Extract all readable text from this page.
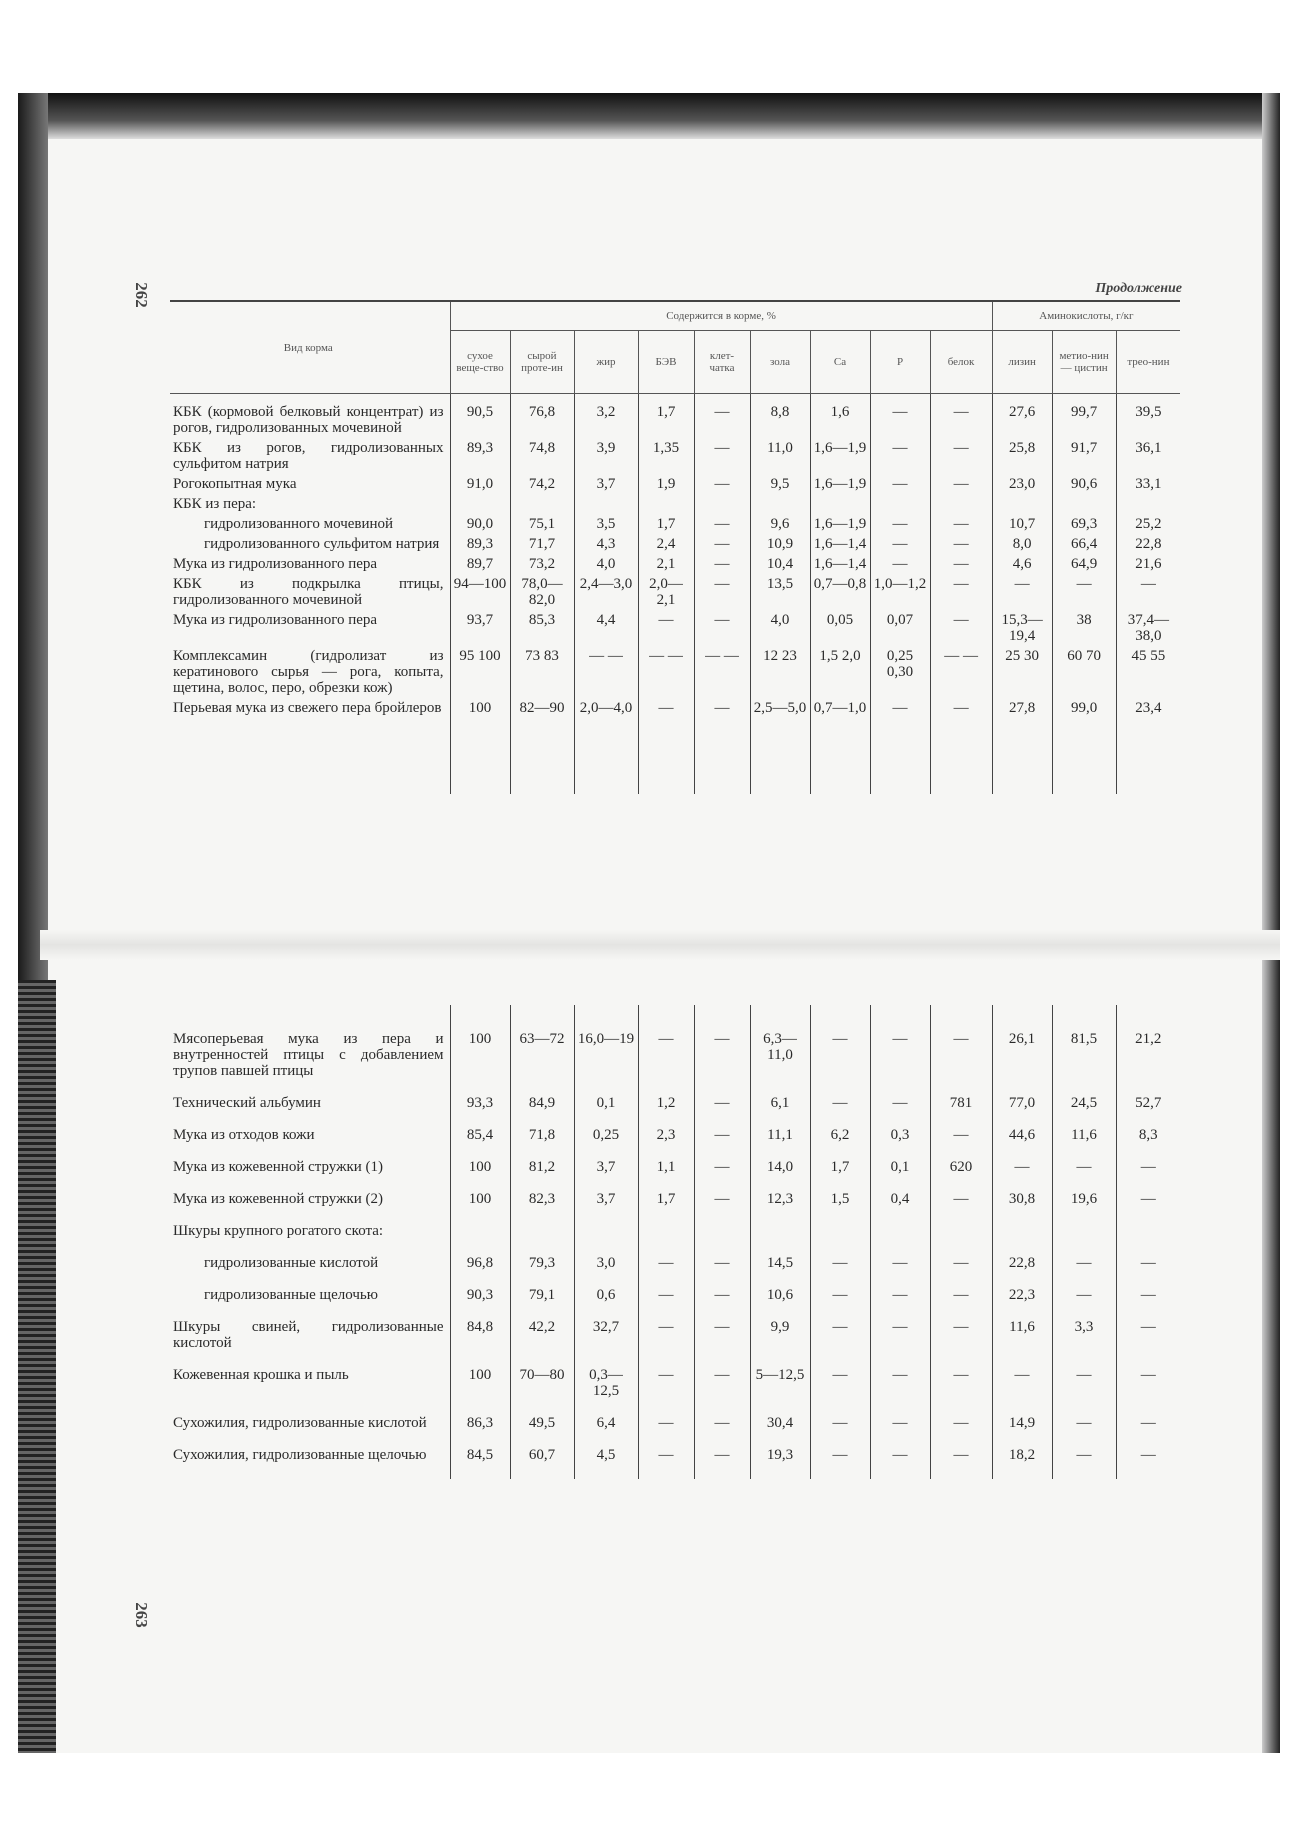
262
263
Продолжение
Вид корма	Содержится в корме, %									Аминокислоты, г/кг		
	сухое веще-ство	сырой проте-ин	жир	БЭВ	клет-чатка	зола	Ca	P	белок	лизин	метио-нин — цистин	трео-нин
КБК (кормовой белковый концентрат) из рогов, гидролизованных мочевиной	90,5	76,8	3,2	1,7	—	8,8	1,6	—	—	27,6	99,7	39,5
КБК из рогов, гидролизованных сульфитом натрия	89,3	74,8	3,9	1,35	—	11,0	1,6—1,9	—	—	25,8	91,7	36,1
Рогокопытная мука	91,0	74,2	3,7	1,9	—	9,5	1,6—1,9	—	—	23,0	90,6	33,1
КБК из пера:												
гидролизованного мочевиной	90,0	75,1	3,5	1,7	—	9,6	1,6—1,9	—	—	10,7	69,3	25,2
гидролизованного сульфитом натрия	89,3	71,7	4,3	2,4	—	10,9	1,6—1,4	—	—	8,0	66,4	22,8
Мука из гидролизованного пера	89,7	73,2	4,0	2,1	—	10,4	1,6—1,4	—	—	4,6	64,9	21,6
КБК из подкрылка птицы, гидролизованного мочевиной	94—100	78,0—82,0	2,4—3,0	2,0—2,1	—	13,5	0,7—0,8	1,0—1,2	—	—	—	—
Мука из гидролизованного пера	93,7	85,3	4,4	—	—	4,0	0,05	0,07	—	15,3—19,4	38	37,4—38,0
Комплексамин (гидролизат из кератинового сырья — рога, копыта, щетина, волос, перо, обрезки кож)	95 100	73 83	— —	— —	— —	12 23	1,5 2,0	0,25 0,30	— —	25 30	60 70	45 55
Перьевая мука из свежего пера бройлеров	100	82—90	2,0—4,0	—	—	2,5—5,0	0,7—1,0	—	—	27,8	99,0	23,4

Мясоперьевая мука из пера и внутренностей птицы с добавлением трупов павшей птицы	100	63—72	16,0—19	—	—	6,3—11,0	—	—	—	26,1	81,5	21,2
Технический альбумин	93,3	84,9	0,1	1,2	—	6,1	—	—	781	77,0	24,5	52,7
Мука из отходов кожи	85,4	71,8	0,25	2,3	—	11,1	6,2	0,3	—	44,6	11,6	8,3
Мука из кожевенной стружки (1)	100	81,2	3,7	1,1	—	14,0	1,7	0,1	620	—	—	—
Мука из кожевенной стружки (2)	100	82,3	3,7	1,7	—	12,3	1,5	0,4	—	30,8	19,6	—
Шкуры крупного рогатого скота:												
гидролизованные кислотой	96,8	79,3	3,0	—	—	14,5	—	—	—	22,8	—	—
гидролизованные щелочью	90,3	79,1	0,6	—	—	10,6	—	—	—	22,3	—	—
Шкуры свиней, гидролизованные кислотой	84,8	42,2	32,7	—	—	9,9	—	—	—	11,6	3,3	—
Кожевенная крошка и пыль	100	70—80	0,3—12,5	—	—	5—12,5	—	—	—	—	—	—
Сухожилия, гидролизованные кислотой	86,3	49,5	6,4	—	—	30,4	—	—	—	14,9	—	—
Сухожилия, гидролизованные щелочью	84,5	60,7	4,5	—	—	19,3	—	—	—	18,2	—	—
